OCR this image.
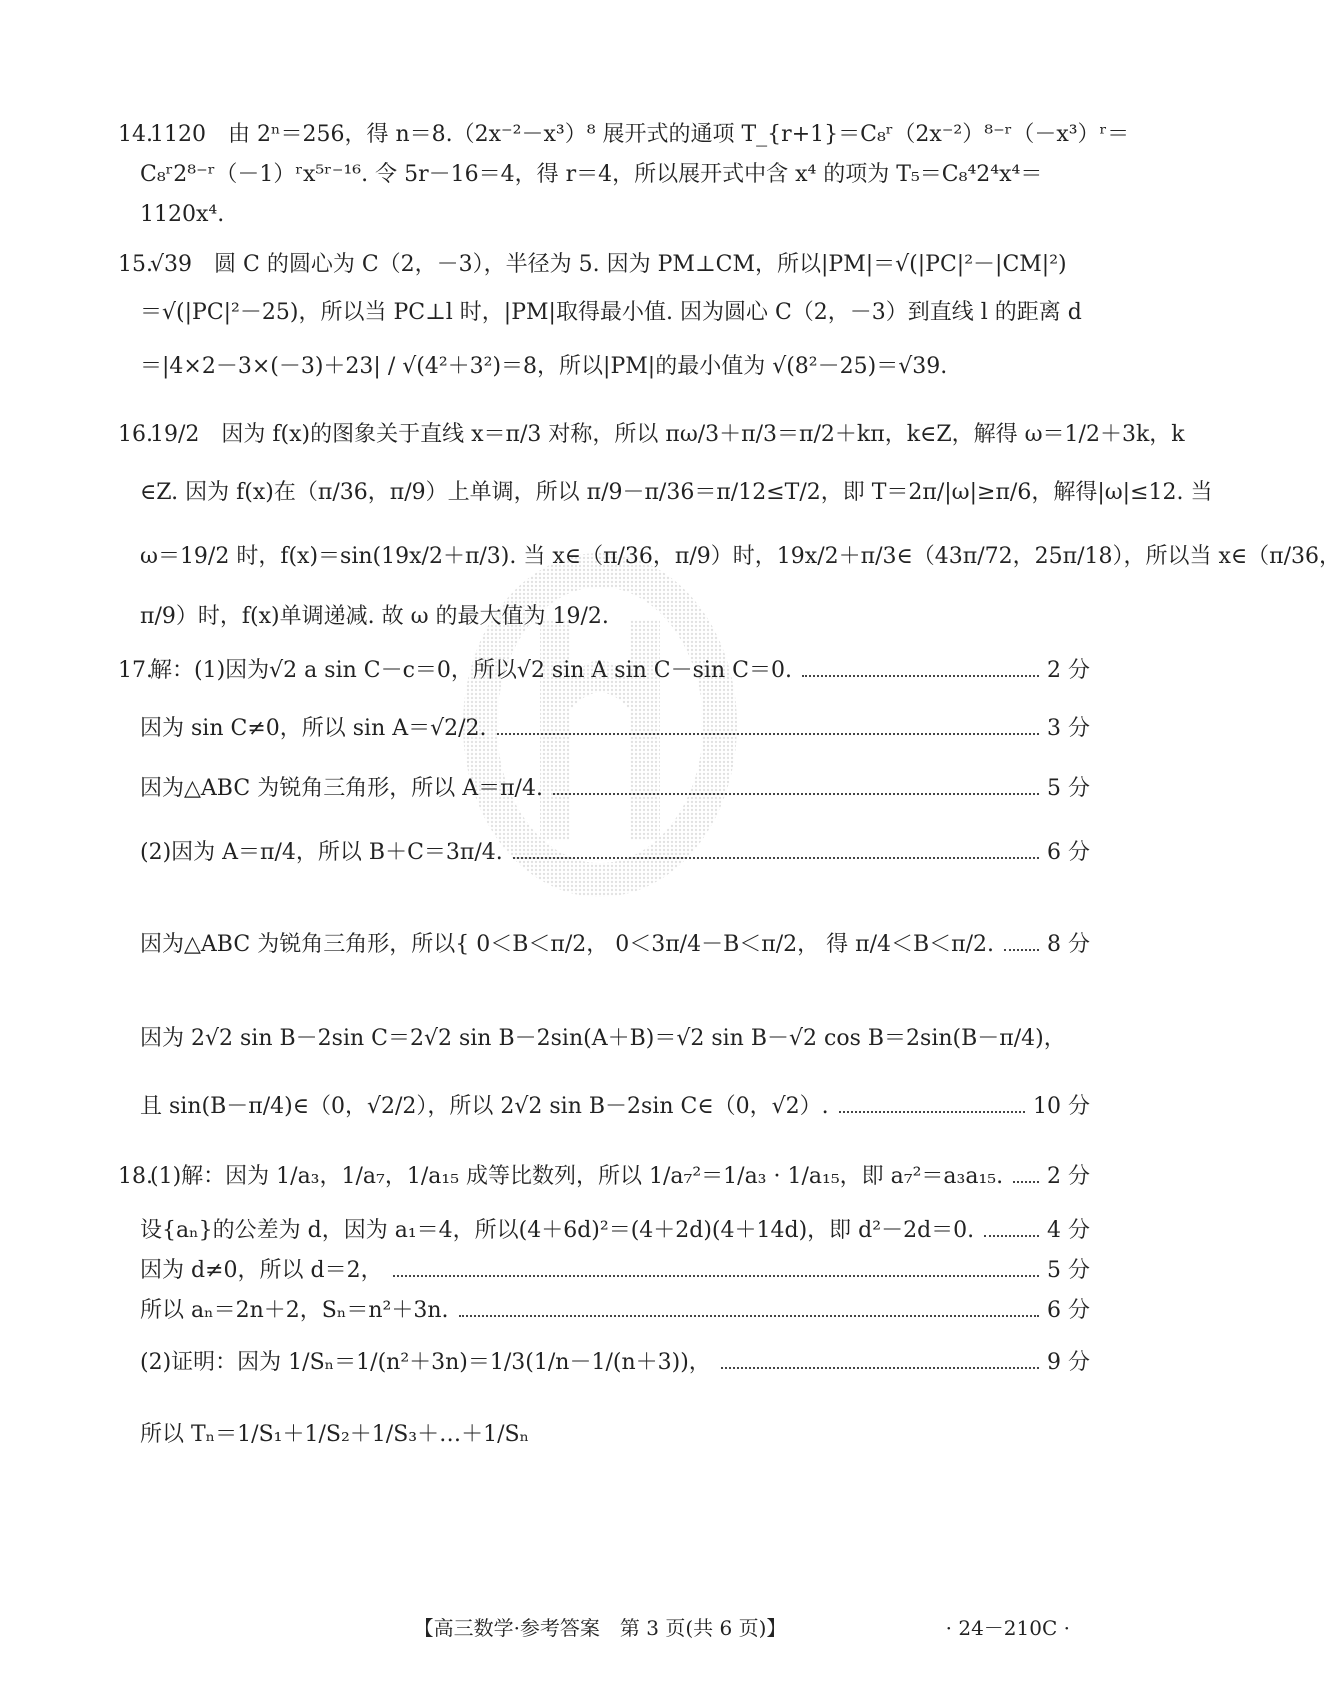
14.
1120　由 2ⁿ＝256，得 n＝8.（2x⁻²－x³）⁸ 展开式的通项 T_{r+1}＝C₈ʳ（2x⁻²）⁸⁻ʳ（－x³）ʳ＝
C₈ʳ2⁸⁻ʳ（－1）ʳx⁵ʳ⁻¹⁶. 令 5r－16＝4，得 r＝4，所以展开式中含 x⁴ 的项为 T₅＝C₈⁴2⁴x⁴＝
1120x⁴.
15.
√39　圆 C 的圆心为 C（2，－3），半径为 5. 因为 PM⊥CM，所以|PM|＝√(|PC|²－|CM|²)
＝√(|PC|²－25)，所以当 PC⊥l 时，|PM|取得最小值. 因为圆心 C（2，－3）到直线 l 的距离 d
＝|4×2－3×(－3)＋23| / √(4²＋3²)＝8，所以|PM|的最小值为 √(8²－25)＝√39.
16.
19/2　因为 f(x)的图象关于直线 x＝π/3 对称，所以 πω/3＋π/3＝π/2＋kπ，k∈Z，解得 ω＝1/2＋3k，k
∈Z. 因为 f(x)在（π/36，π/9）上单调，所以 π/9－π/36＝π/12≤T/2，即 T＝2π/|ω|≥π/6，解得|ω|≤12. 当
ω＝19/2 时，f(x)＝sin(19x/2＋π/3). 当 x∈（π/36，π/9）时，19x/2＋π/3∈（43π/72，25π/18），所以当 x∈（π/36，
π/9）时，f(x)单调递减. 故 ω 的最大值为 19/2.
17.
解：(1)因为√2 a sin C－c＝0，所以√2 sin A sin C－sin C＝0.	2 分
因为 sin C≠0，所以 sin A＝√2/2.	3 分
因为△ABC 为锐角三角形，所以 A＝π/4.	5 分
(2)因为 A＝π/4，所以 B＋C＝3π/4.	6 分
因为△ABC 为锐角三角形，所以{ 0＜B＜π/2， 0＜3π/4－B＜π/2， 得 π/4＜B＜π/2. 8 分
因为 2√2 sin B－2sin C＝2√2 sin B－2sin(A＋B)＝√2 sin B－√2 cos B＝2sin(B－π/4)，
且 sin(B－π/4)∈（0，√2/2），所以 2√2 sin B－2sin C∈（0，√2）.	10 分
18.
(1)解：因为 1/a₃，1/a₇，1/a₁₅ 成等比数列，所以 1/a₇²＝1/a₃ · 1/a₁₅，即 a₇²＝a₃a₁₅. 2 分
设{aₙ}的公差为 d，因为 a₁＝4，所以(4＋6d)²＝(4＋2d)(4＋14d)，即 d²－2d＝0.	4 分
因为 d≠0，所以 d＝2，	5 分
所以 aₙ＝2n＋2，Sₙ＝n²＋3n.	6 分
(2)证明：因为 1/Sₙ＝1/(n²＋3n)＝1/3(1/n－1/(n＋3))，	9 分
所以 Tₙ＝1/S₁＋1/S₂＋1/S₃＋…＋1/Sₙ
【高三数学·参考答案　第 3 页(共 6 页)】	· 24－210C ·
